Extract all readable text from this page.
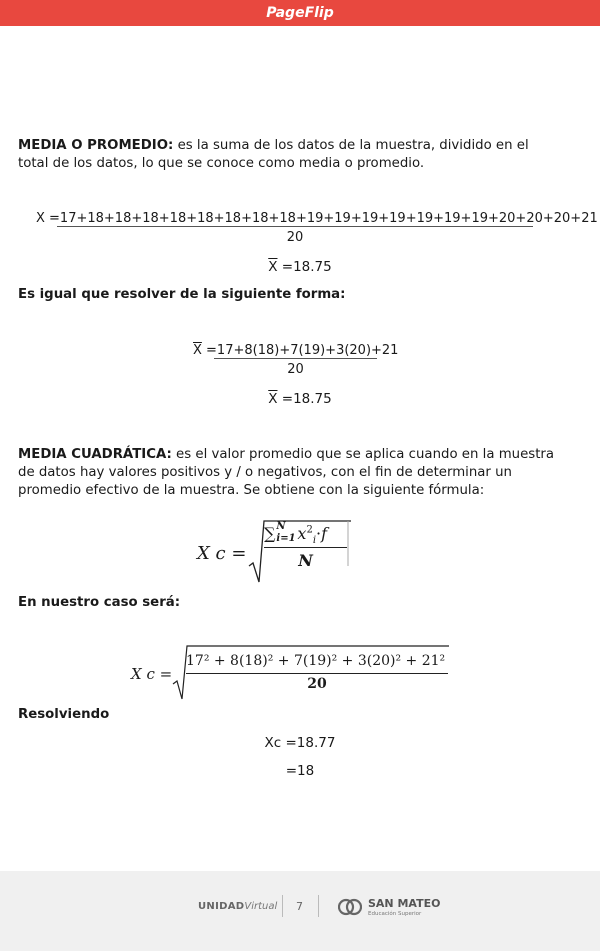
PageFlip

MEDIA O PROMEDIO: es la suma de los datos de la muestra, dividido en el total de los datos, lo que se conoce como media o promedio.

X =17+18+18+18+18+18+18+18+18+19+19+19+19+19+19+19+20+20+20+21
20
$\overline{X} =18.75$
Es igual que resolver de la siguiente forma:
$\overline{X} =17+8(18)+7(19)+3(20)+21$
20
$\overline{X} =18.75$

MEDIA CUADRÁTICA: es el valor promedio que se aplica cuando en la muestra de datos hay valores positivos y / o negativos, con el fin de determinar un promedio efectivo de la muestra. Se obtiene con la siguiente fórmula:

X c =
∑ N
i=1 $x^2_i\cdot f$
N
En nuestro caso será:
X c =
17² + 8(18)² + 7(19)² + 3(20)² + 21²
20
Resolviendo
Xc =18.77
=18
UNIDADVirtual 7	SAN MATEO
Educación Superior
